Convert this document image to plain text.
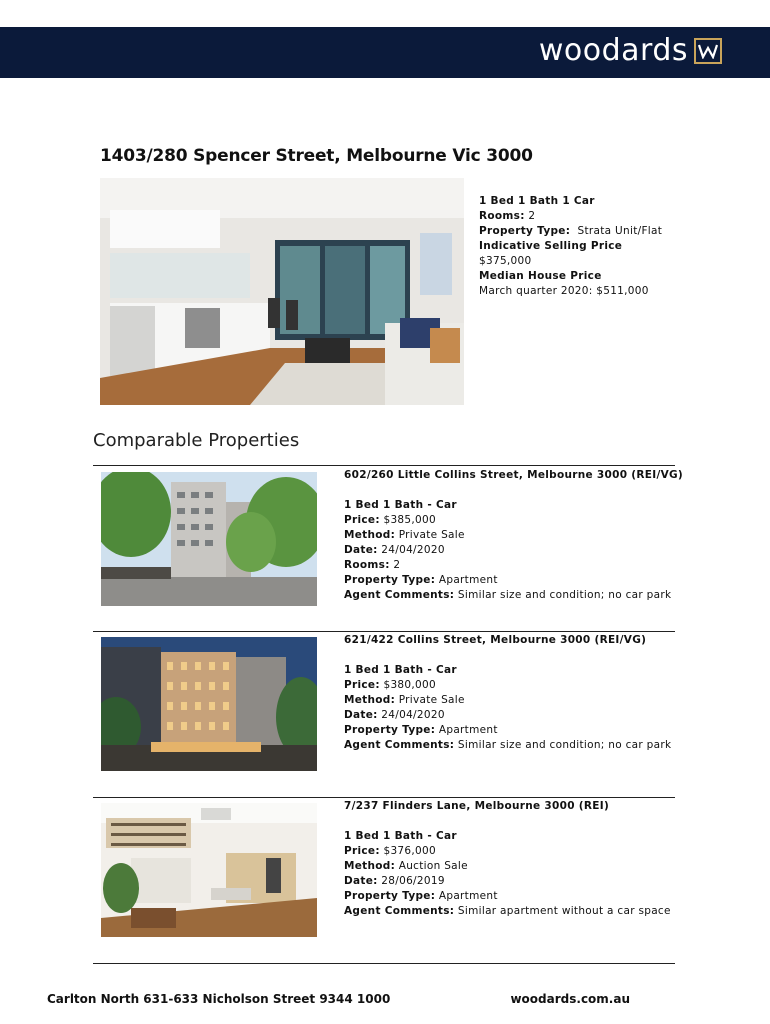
woodards
1403/280 Spencer Street, Melbourne Vic 3000
1 Bed 1 Bath 1 Car
Rooms: 2
Property Type: Strata Unit/Flat
Indicative Selling Price
$375,000
Median House Price
March quarter 2020: $511,000
Comparable Properties
602/260 Little Collins Street, Melbourne 3000 (REI/VG)
1 Bed 1 Bath - Car
Price: $385,000
Method: Private Sale
Date: 24/04/2020
Rooms: 2
Property Type: Apartment
Agent Comments: Similar size and condition; no car park
621/422 Collins Street, Melbourne 3000 (REI/VG)
1 Bed 1 Bath - Car
Price: $380,000
Method: Private Sale
Date: 24/04/2020
Property Type: Apartment
Agent Comments: Similar size and condition; no car park
7/237 Flinders Lane, Melbourne 3000 (REI)
1 Bed 1 Bath - Car
Price: $376,000
Method: Auction Sale
Date: 28/06/2019
Property Type: Apartment
Agent Comments: Similar apartment without a car space
Carlton North 631-633 Nicholson Street 9344 1000	woodards.com.au
